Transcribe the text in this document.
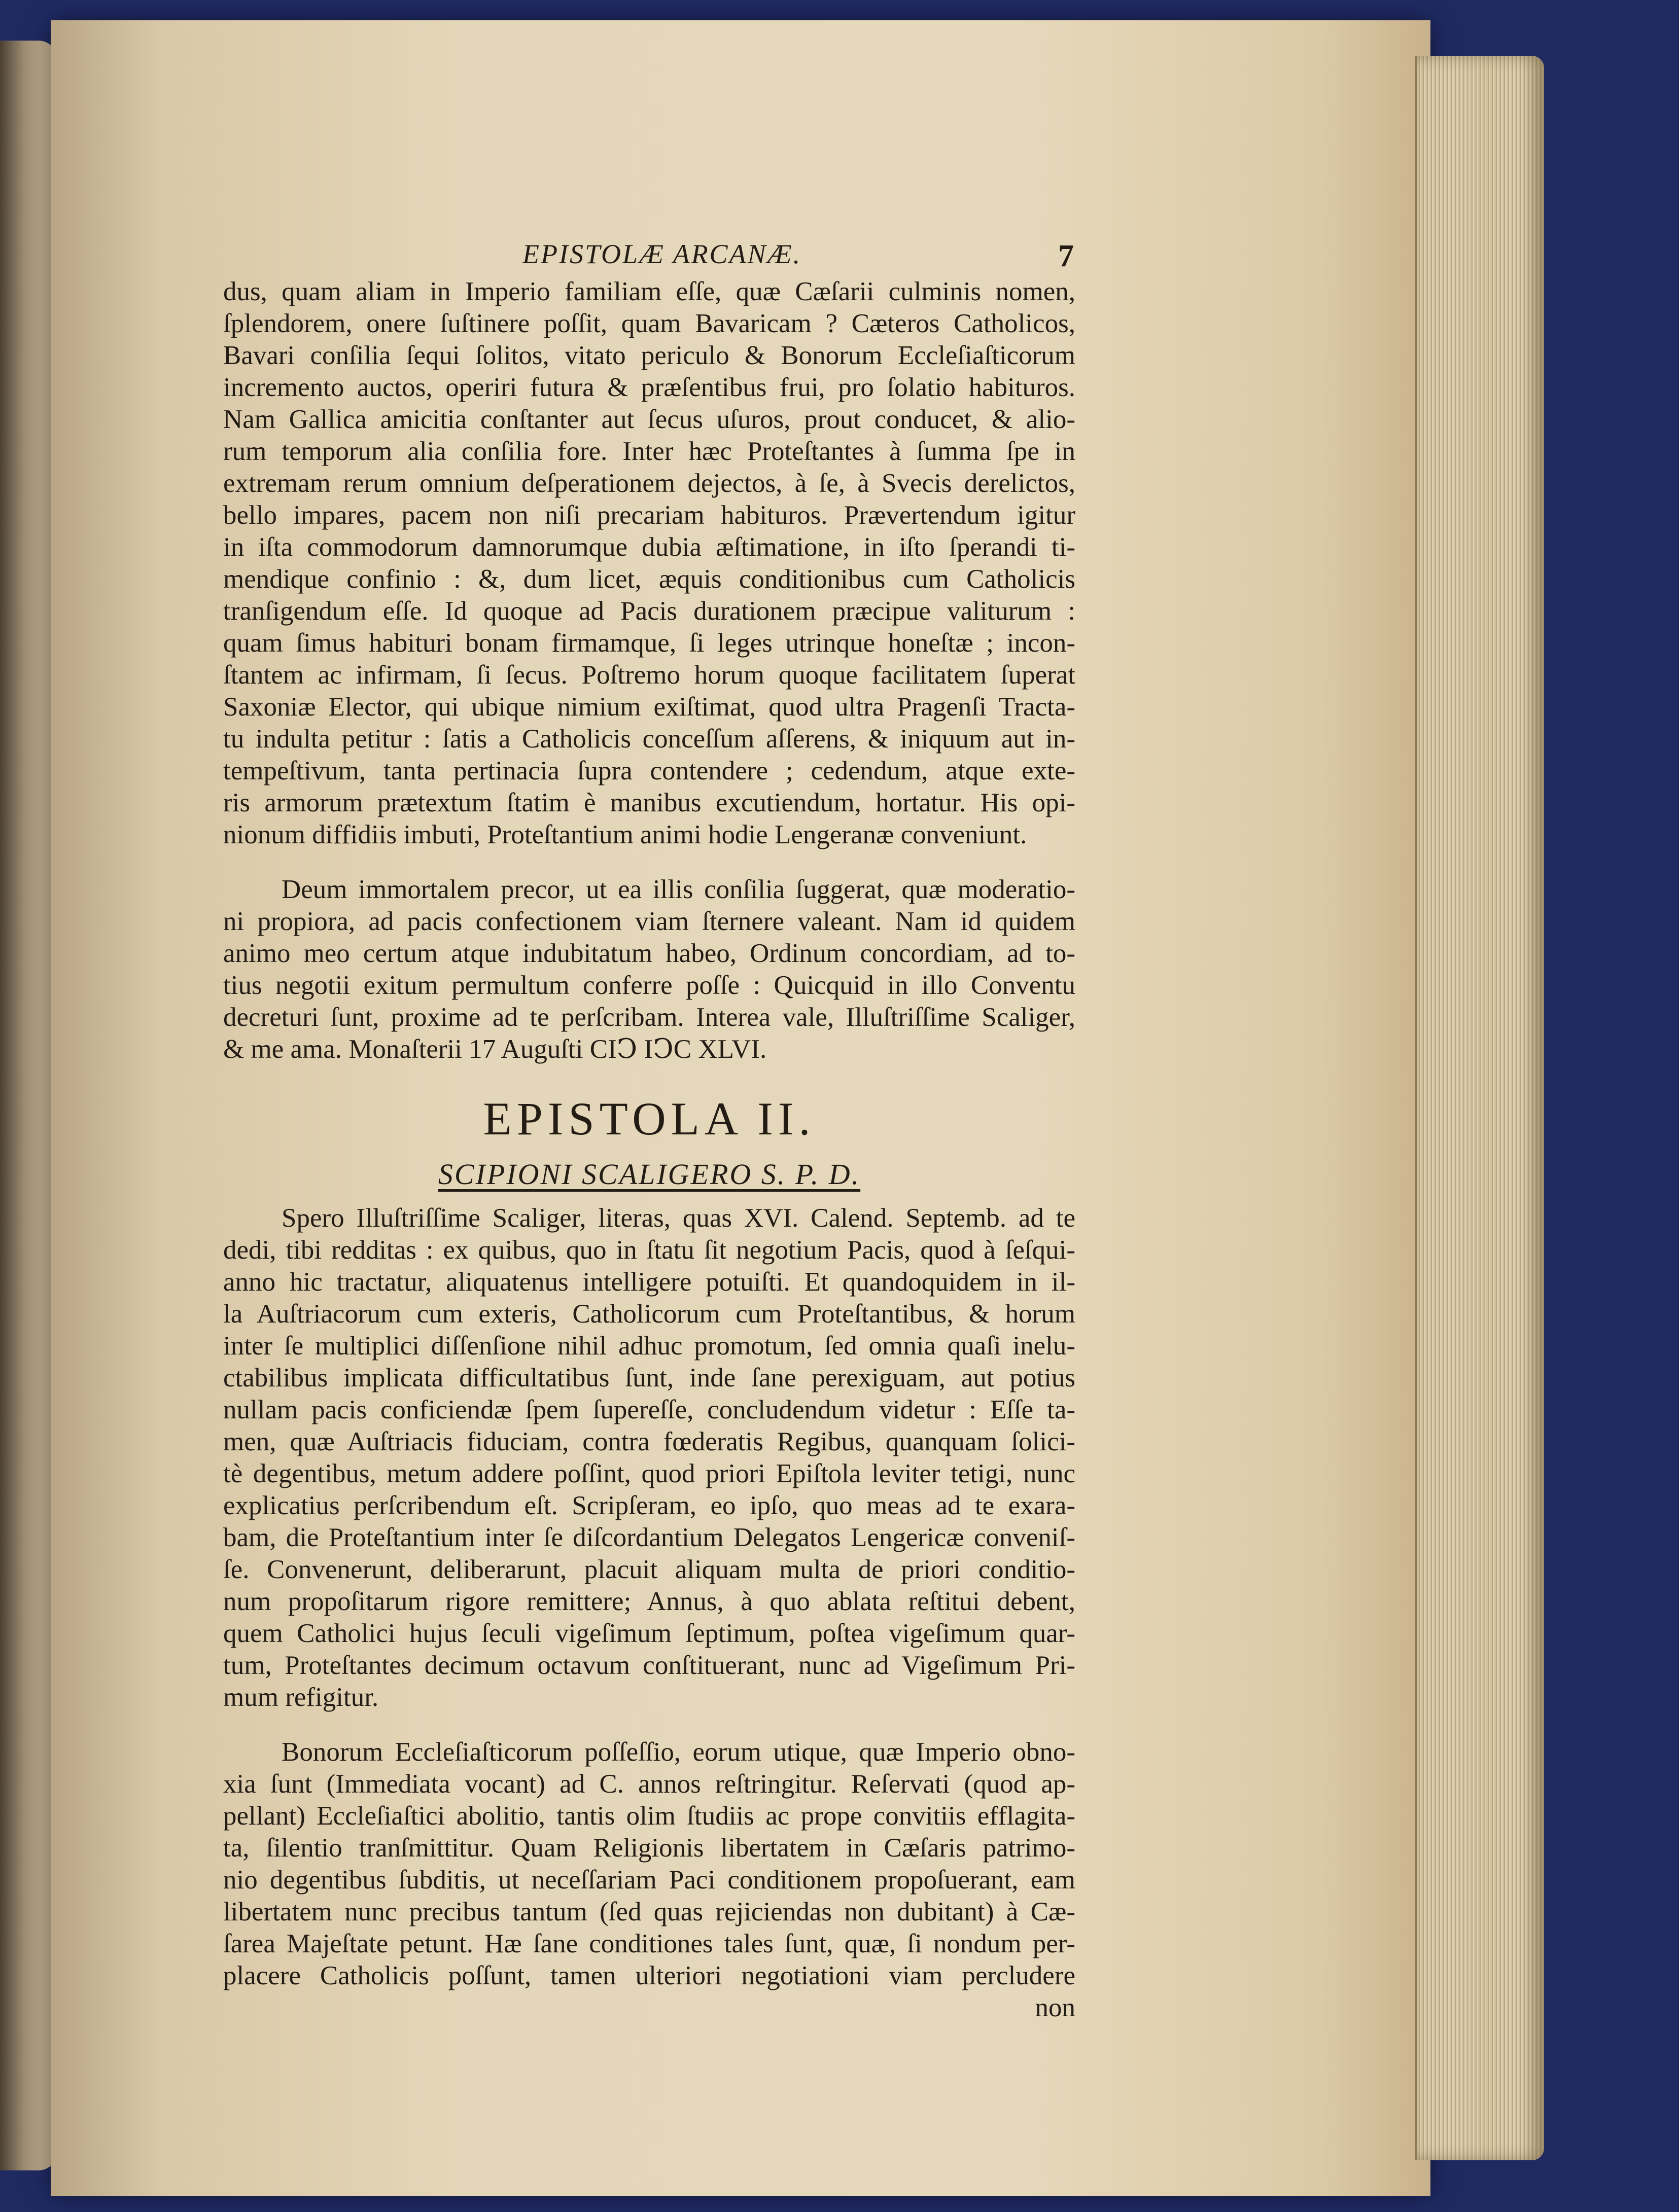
EPISTOLÆ ARCANÆ.	7
dus, quam aliam in Imperio familiam eſſe, quæ Cæſarii culminis nomen,
ſplendorem, onere ſuſtinere poſſit, quam Bavaricam ? Cæteros Catholicos,
Bavari conſilia ſequi ſolitos, vitato periculo & Bonorum Eccleſiaſticorum
incremento auctos, operiri futura & præſentibus frui, pro ſolatio habituros.
Nam Gallica amicitia conſtanter aut ſecus uſuros, prout conducet, & alio-
rum temporum alia conſilia fore. Inter hæc Proteſtantes à ſumma ſpe in
extremam rerum omnium deſperationem dejectos, à ſe, à Svecis derelictos,
bello impares, pacem non niſi precariam habituros. Prævertendum igitur
in iſta commodorum damnorumque dubia æſtimatione, in iſto ſperandi ti-
mendique confinio : &, dum licet, æquis conditionibus cum Catholicis
tranſigendum eſſe. Id quoque ad Pacis durationem præcipue valiturum :
quam ſimus habituri bonam firmamque, ſi leges utrinque honeſtæ ; incon-
ſtantem ac infirmam, ſi ſecus. Poſtremo horum quoque facilitatem ſuperat
Saxoniæ Elector, qui ubique nimium exiſtimat, quod ultra Pragenſi Tracta-
tu indulta petitur : ſatis a Catholicis conceſſum aſſerens, & iniquum aut in-
tempeſtivum, tanta pertinacia ſupra contendere ; cedendum, atque exte-
ris armorum prætextum ſtatim è manibus excutiendum, hortatur. His opi-
nionum diffidiis imbuti, Proteſtantium animi hodie Lengeranæ conveniunt.
Deum immortalem precor, ut ea illis conſilia ſuggerat, quæ moderatio-
ni propiora, ad pacis confectionem viam ſternere valeant. Nam id quidem
animo meo certum atque indubitatum habeo, Ordinum concordiam, ad to-
tius negotii exitum permultum conferre poſſe : Quicquid in illo Conventu
decreturi ſunt, proxime ad te perſcribam. Interea vale, Illuſtriſſime Scaliger,
& me ama. Monaſterii 17 Auguſti CIↃ IↃC XLVI.
EPISTOLA II.
SCIPIONI SCALIGERO S. P. D.
Spero Illuſtriſſime Scaliger, literas, quas XVI. Calend. Septemb. ad te
dedi, tibi redditas : ex quibus, quo in ſtatu ſit negotium Pacis, quod à ſeſqui-
anno hic tractatur, aliquatenus intelligere potuiſti. Et quandoquidem in il-
la Auſtriacorum cum exteris, Catholicorum cum Proteſtantibus, & horum
inter ſe multiplici diſſenſione nihil adhuc promotum, ſed omnia quaſi inelu-
ctabilibus implicata difficultatibus ſunt, inde ſane perexiguam, aut potius
nullam pacis conficiendæ ſpem ſupereſſe, concludendum videtur : Eſſe ta-
men, quæ Auſtriacis fiduciam, contra fœderatis Regibus, quanquam ſolici-
tè degentibus, metum addere poſſint, quod priori Epiſtola leviter tetigi, nunc
explicatius perſcribendum eſt. Scripſeram, eo ipſo, quo meas ad te exara-
bam, die Proteſtantium inter ſe diſcordantium Delegatos Lengericæ conveniſ-
ſe. Convenerunt, deliberarunt, placuit aliquam multa de priori conditio-
num propoſitarum rigore remittere; Annus, à quo ablata reſtitui debent,
quem Catholici hujus ſeculi vigeſimum ſeptimum, poſtea vigeſimum quar-
tum, Proteſtantes decimum octavum conſtituerant, nunc ad Vigeſimum Pri-
mum refigitur.
Bonorum Eccleſiaſticorum poſſeſſio, eorum utique, quæ Imperio obno-
xia ſunt (Immediata vocant) ad C. annos reſtringitur. Reſervati (quod ap-
pellant) Eccleſiaſtici abolitio, tantis olim ſtudiis ac prope convitiis efflagita-
ta, ſilentio tranſmittitur. Quam Religionis libertatem in Cæſaris patrimo-
nio degentibus ſubditis, ut neceſſariam Paci conditionem propoſuerant, eam
libertatem nunc precibus tantum (ſed quas rejiciendas non dubitant) à Cæ-
ſarea Majeſtate petunt. Hæ ſane conditiones tales ſunt, quæ, ſi nondum per-
placere Catholicis poſſunt, tamen ulteriori negotiationi viam percludere
non
